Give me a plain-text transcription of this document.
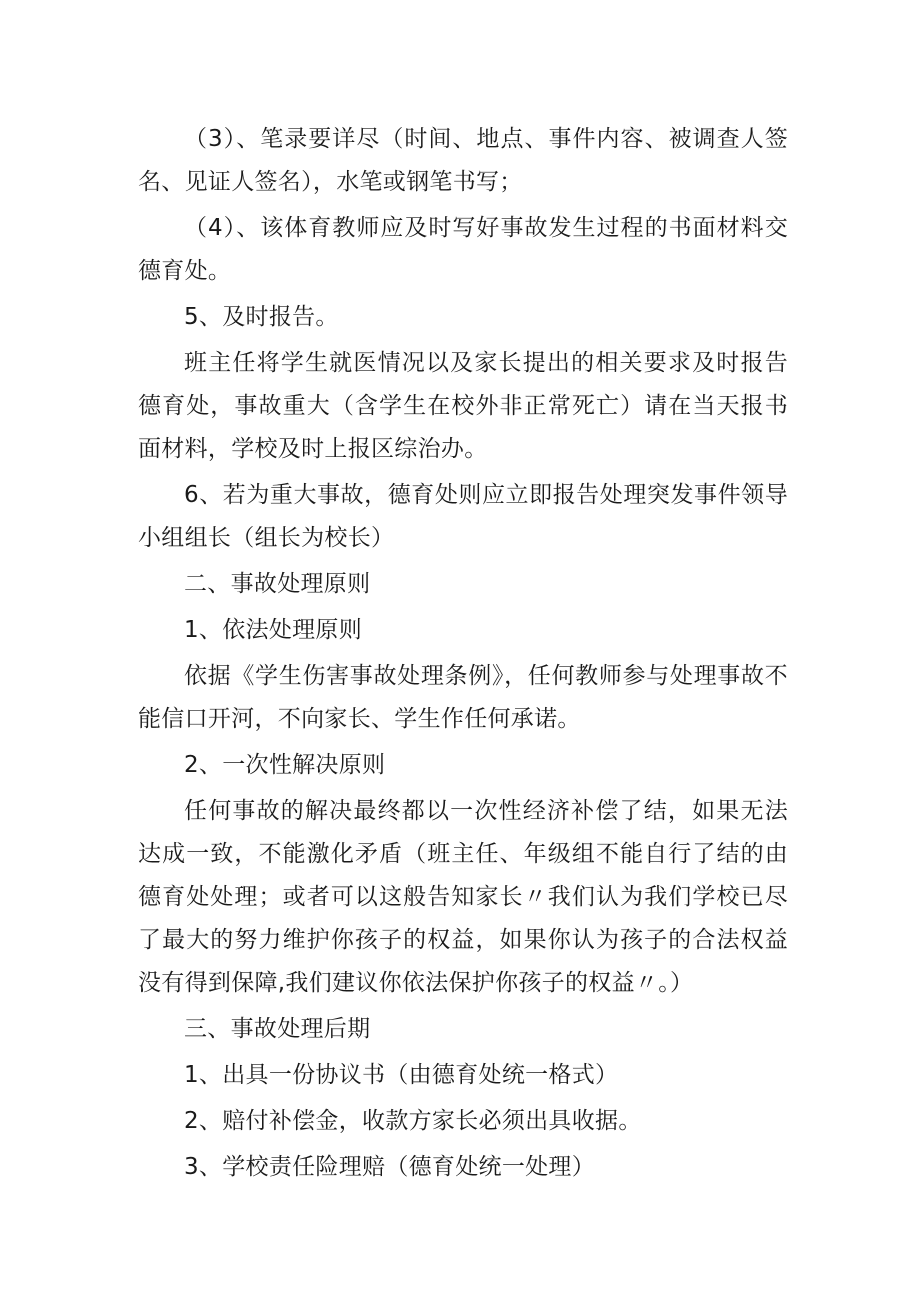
（3）、笔录要详尽（时间、地点、事件内容、被调查人签名、见证人签名），水笔或钢笔书写；

（4）、该体育教师应及时写好事故发生过程的书面材料交德育处。

5、及时报告。

班主任将学生就医情况以及家长提出的相关要求及时报告德育处，事故重大（含学生在校外非正常死亡）请在当天报书面材料，学校及时上报区综治办。

6、若为重大事故，德育处则应立即报告处理突发事件领导小组组长（组长为校长）

二、事故处理原则

1、依法处理原则

依据《学生伤害事故处理条例》，任何教师参与处理事故不能信口开河，不向家长、学生作任何承诺。

2、一次性解决原则

任何事故的解决最终都以一次性经济补偿了结，如果无法达成一致，不能激化矛盾（班主任、年级组不能自行了结的由德育处处理；或者可以这般告知家长〃我们认为我们学校已尽了最大的努力维护你孩子的权益，如果你认为孩子的合法权益没有得到保障,我们建议你依法保护你孩子的权益〃。）

三、事故处理后期

1、出具一份协议书（由德育处统一格式）

2、赔付补偿金，收款方家长必须出具收据。

3、学校责任险理赔（德育处统一处理）
